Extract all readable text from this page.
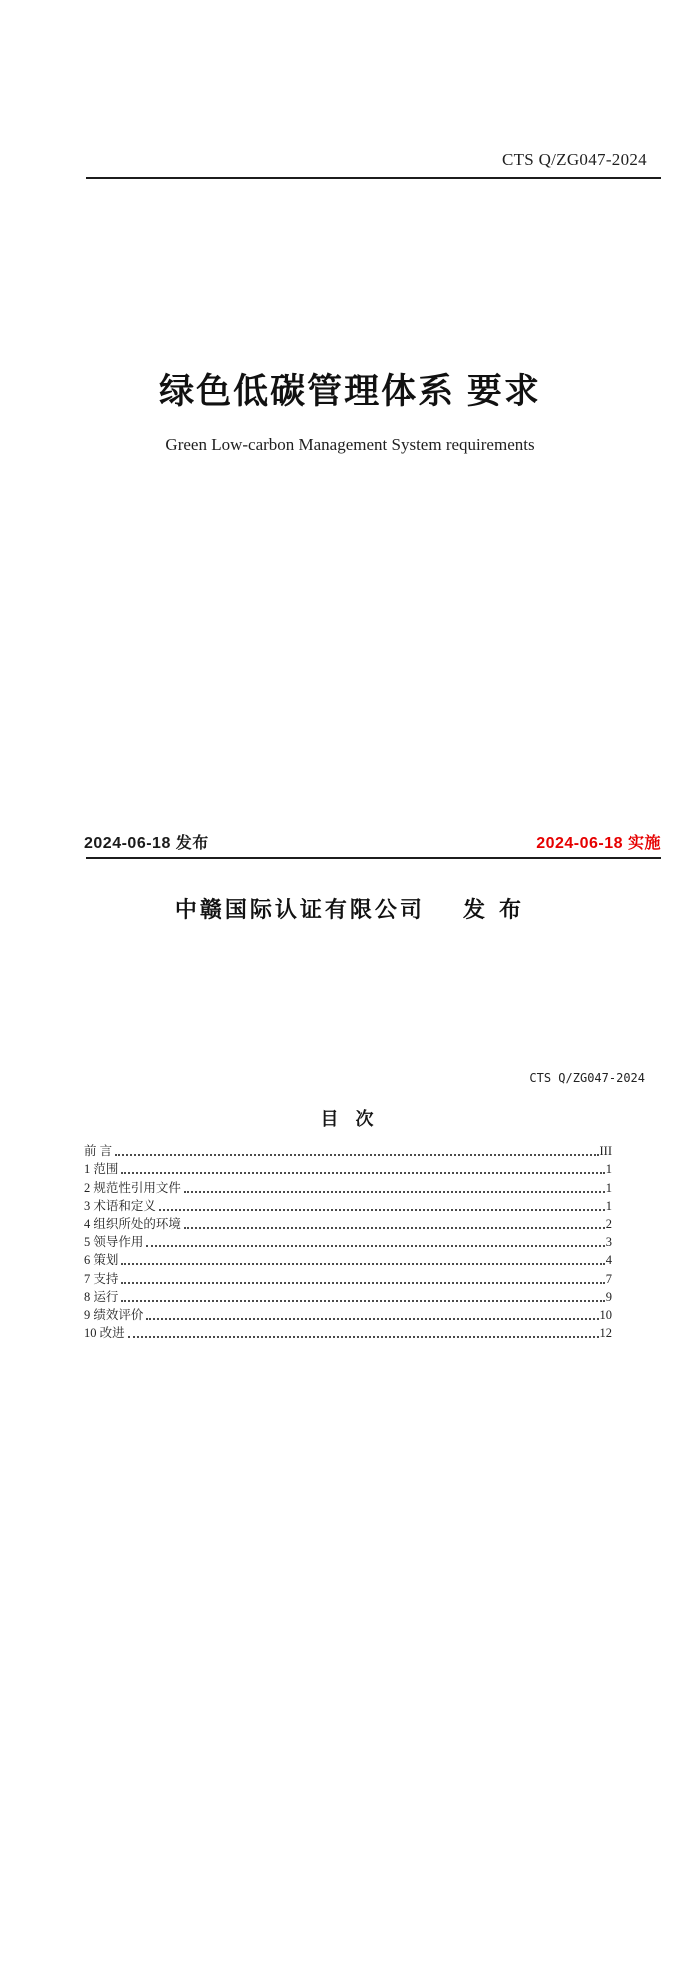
CTS Q/ZG047-2024
绿色低碳管理体系 要求
Green Low-carbon Management System requirements
2024-06-18 发布	2024-06-18 实施
中赣国际认证有限公司 发 布
CTS Q/ZG047-2024
目 次
前 言	III
1 范围	1
2 规范性引用文件	1
3 术语和定义	1
4 组织所处的环境	2
5 领导作用	3
6 策划	4
7 支持	7
8 运行	9
9 绩效评价	10
10 改进	12
